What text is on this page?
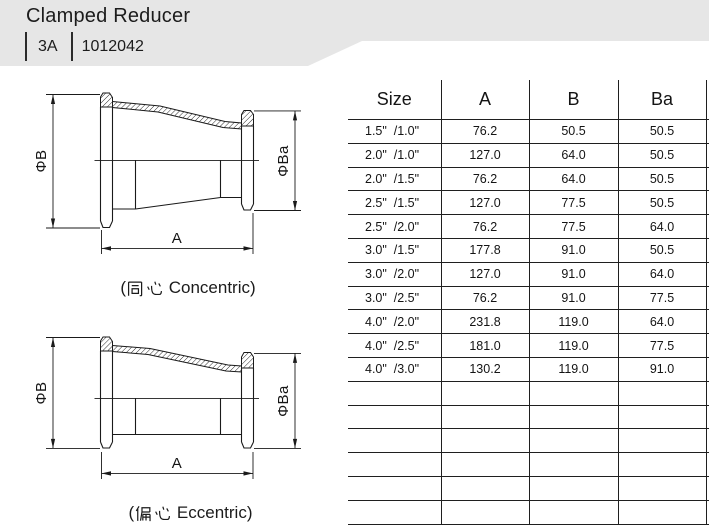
Clamped Reducer
3A 1012042
ΦB	ΦBa
A
ΦB	ΦBa
A
( Concentric)
( Eccentric)
Size	A	B	Ba	
1.5"  /1.0"	76.2	50.5	50.5	
2.0"  /1.0"	127.0	64.0	50.5	
2.0"  /1.5"	76.2	64.0	50.5	
2.5"  /1.5"	127.0	77.5	50.5	
2.5"  /2.0"	76.2	77.5	64.0	
3.0"  /1.5"	177.8	91.0	50.5	
3.0"  /2.0"	127.0	91.0	64.0	
3.0"  /2.5"	76.2	91.0	77.5	
4.0"  /2.0"	231.8	119.0	64.0	
4.0"  /2.5"	181.0	119.0	77.5	
4.0"  /3.0"	130.2	119.0	91.0	
